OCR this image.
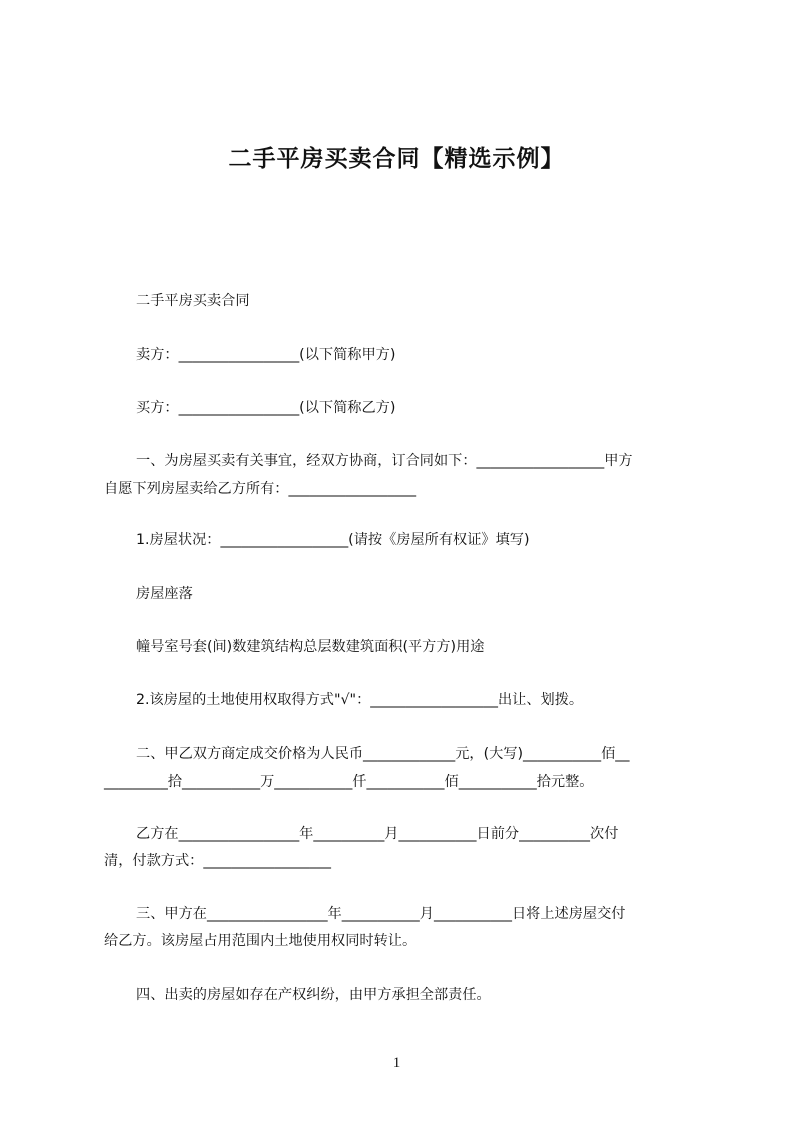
二手平房买卖合同【精选示例】

二手平房买卖合同

卖方：_________________(以下简称甲方)

买方：_________________(以下简称乙方)

一、为房屋买卖有关事宜，经双方协商，订合同如下：__________________甲方

自愿下列房屋卖给乙方所有：__________________

1.房屋状况：__________________(请按《房屋所有权证》填写)

房屋座落

幢号室号套(间)数建筑结构总层数建筑面积(平方方)用途

2.该房屋的土地使用权取得方式"√"：__________________出让、划拨。

二、甲乙双方商定成交价格为人民币_____________元，(大写)___________佰__

_________拾___________万___________仟___________佰___________拾元整。

乙方在_________________年__________月___________日前分__________次付

清，付款方式：__________________

三、甲方在_________________年___________月___________日将上述房屋交付

给乙方。该房屋占用范围内土地使用权同时转让。

四、出卖的房屋如存在产权纠纷，由甲方承担全部责任。

1
